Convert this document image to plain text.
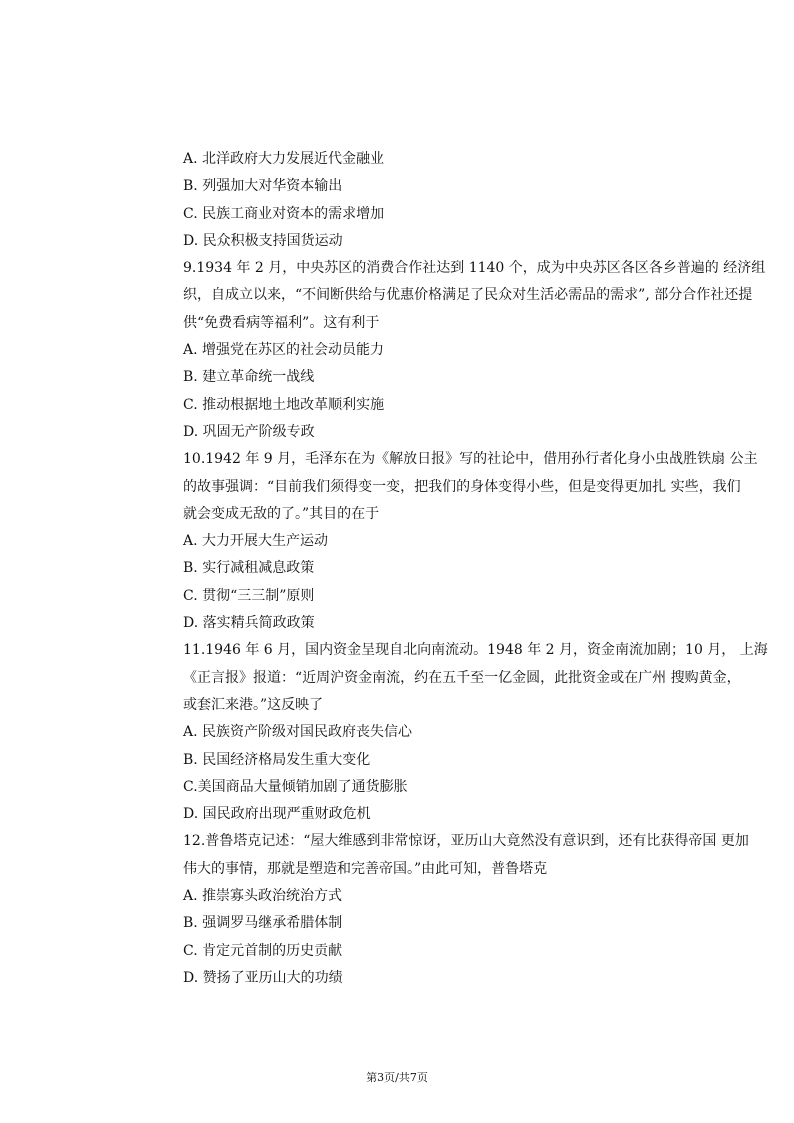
A. 北洋政府大力发展近代金融业
B. 列强加大对华资本输出
C. 民族工商业对资本的需求增加
D. 民众积极支持国货运动
9.1934 年 2 月，中央苏区的消费合作社达到 1140 个，成为中央苏区各区各乡普遍的 经济组
织，自成立以来，“不间断供给与优惠价格满足了民众对生活必需品的需求”, 部分合作社还提
供“免费看病等福利”。这有利于
A. 增强党在苏区的社会动员能力
B. 建立革命统一战线
C. 推动根据地土地改革顺利实施
D. 巩固无产阶级专政
10.1942 年 9 月，毛泽东在为《解放日报》写的社论中，借用孙行者化身小虫战胜铁扇 公主
的故事强调：“目前我们须得变一变，把我们的身体变得小些，但是变得更加扎 实些，我们
就会变成无敌的了。”其目的在于
A. 大力开展大生产运动
B. 实行减租减息政策
C. 贯彻“三三制”原则
D. 落实精兵简政政策
11.1946 年 6 月，国内资金呈现自北向南流动。1948 年 2 月，资金南流加剧；10 月， 上海
《正言报》报道：“近周沪资金南流，约在五千至一亿金圆，此批资金或在广州 搜购黄金，
或套汇来港。”这反映了
A. 民族资产阶级对国民政府丧失信心
B. 民国经济格局发生重大变化
C.美国商品大量倾销加剧了通货膨胀
D. 国民政府出现严重财政危机
12.普鲁塔克记述：“屋大维感到非常惊讶，亚历山大竟然没有意识到，还有比获得帝国 更加
伟大的事情，那就是塑造和完善帝国。”由此可知，普鲁塔克
A. 推崇寡头政治统治方式
B. 强调罗马继承希腊体制
C. 肯定元首制的历史贡献
D. 赞扬了亚历山大的功绩
第3页/共7页
